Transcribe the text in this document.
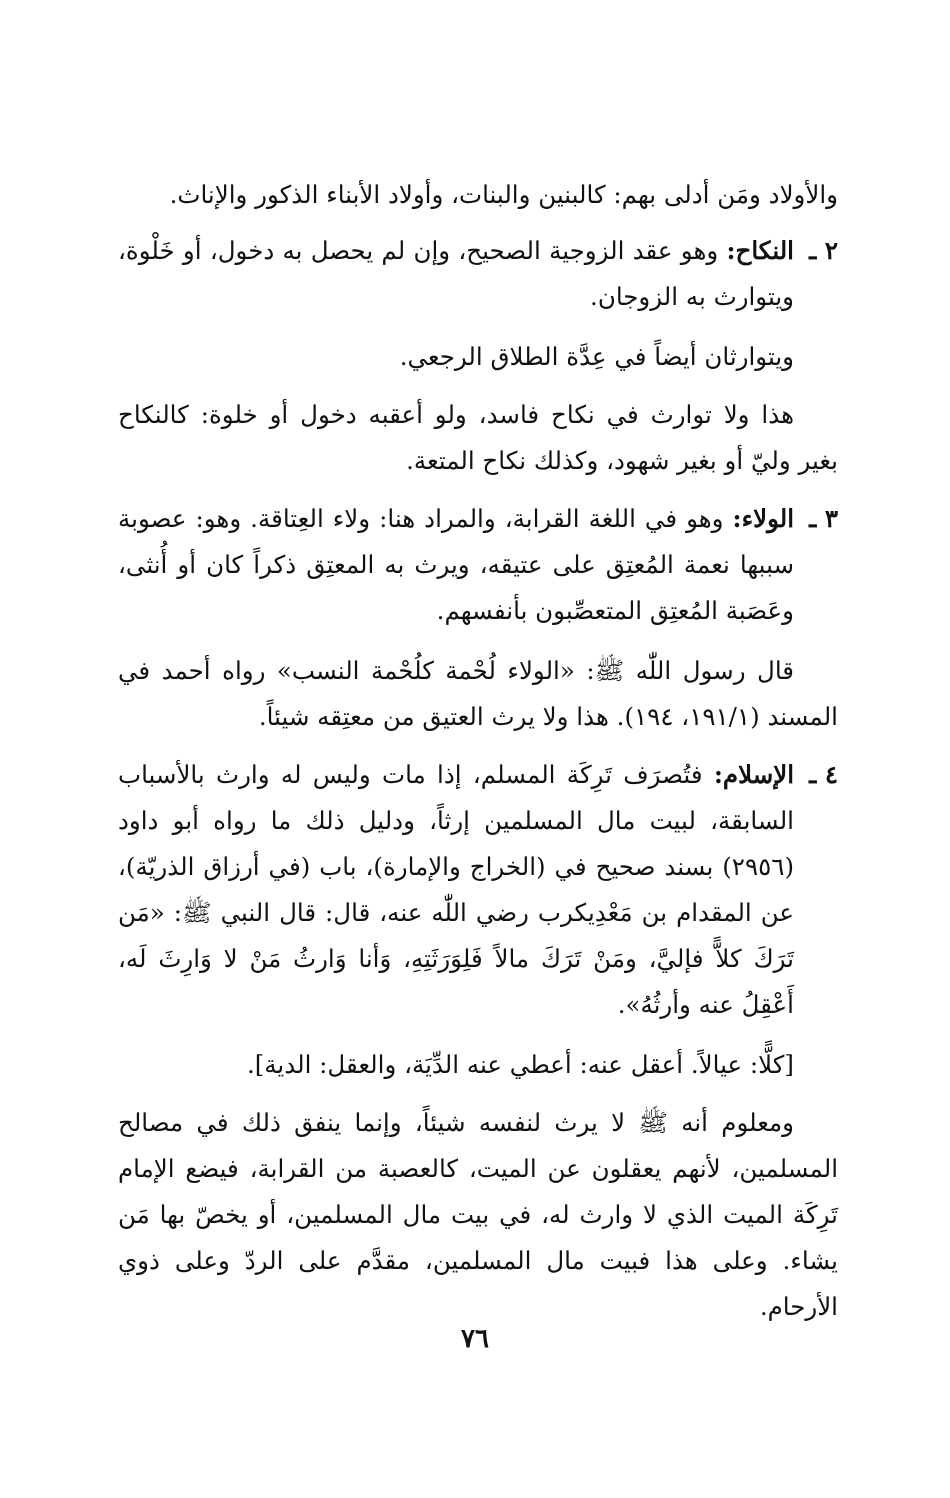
والأولاد ومَن أدلى بهم: كالبنين والبنات، وأولاد الأبناء الذكور والإناث.

٢ ـالنكاح: وهو عقد الزوجية الصحيح، وإن لم يحصل به دخول، أو خَلْوة، ويتوارث به الزوجان.

ويتوارثان أيضاً في عِدَّة الطلاق الرجعي.

هذا ولا توارث في نكاح فاسد، ولو أعقبه دخول أو خلوة: كالنكاح بغير وليّ أو بغير شهود، وكذلك نكاح المتعة.

٣ ـالولاء: وهو في اللغة القرابة، والمراد هنا: ولاء العِتاقة. وهو: عصوبة سببها نعمة المُعتِق على عتيقه، ويرث به المعتِق ذكراً كان أو أُنثى، وعَصَبة المُعتِق المتعصِّبون بأنفسهم.

قال رسول اللّٰه ﷺ: «الولاء لُحْمة كلُحْمة النسب» رواه أحمد في المسند (١٩١/١، ١٩٤). هذا ولا يرث العتيق من معتِقه شيئاً.

٤ ـالإسلام: فتُصرَف تَرِكَة المسلم، إذا مات وليس له وارث بالأسباب السابقة، لبيت مال المسلمين إرثاً، ودليل ذلك ما رواه أبو داود (٢٩٥٦) بسند صحيح في (الخراج والإمارة)، باب (في أرزاق الذريّة)، عن المقدام بن مَعْدِيكرب رضي اللّٰه عنه، قال: قال النبي ﷺ: «مَن تَرَكَ كلاًّ فإليَّ، ومَنْ تَرَكَ مالاً فَلِوَرَثَتِهِ، وَأنا وَارثُ مَنْ لا وَارِثَ لَه، أَعْقِلُ عنه وأرثُهُ».

[كلًّا: عيالاً. أعقل عنه: أعطي عنه الدِّيَة، والعقل: الدية].

ومعلوم أنه ﷺ لا يرث لنفسه شيئاً، وإنما ينفق ذلك في مصالح المسلمين، لأنهم يعقلون عن الميت، كالعصبة من القرابة، فيضع الإمام تَرِكَة الميت الذي لا وارث له، في بيت مال المسلمين، أو يخصّ بها مَن يشاء. وعلى هذا فبيت مال المسلمين، مقدَّم على الردّ وعلى ذوي الأرحام.

٧٦
